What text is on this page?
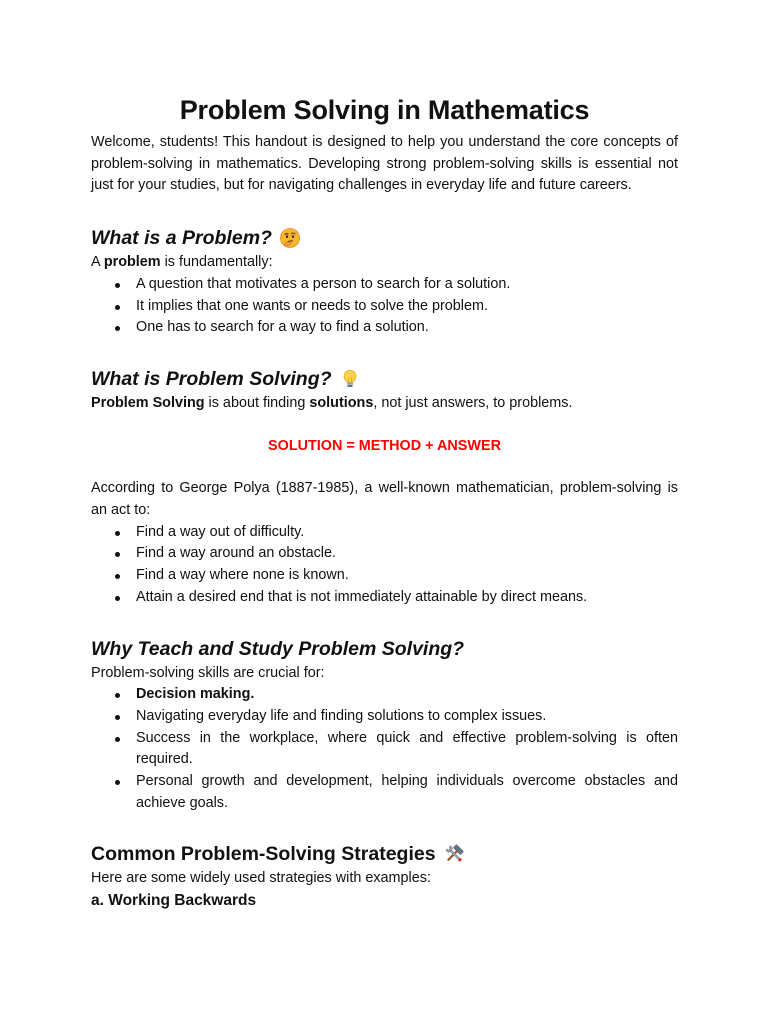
Problem Solving in Mathematics

Welcome, students! This handout is designed to help you understand the core concepts of problem-solving in mathematics. Developing strong problem-solving skills is essential not just for your studies, but for navigating challenges in everyday life and future careers.

What is a Problem?

A problem is fundamentally:

A question that motivates a person to search for a solution.
It implies that one wants or needs to solve the problem.
One has to search for a way to find a solution.
What is Problem Solving?

Problem Solving is about finding solutions, not just answers, to problems.

SOLUTION = METHOD + ANSWER

According to George Polya (1887-1985), a well-known mathematician, problem-solving is an act to:

Find a way out of difficulty.
Find a way around an obstacle.
Find a way where none is known.
Attain a desired end that is not immediately attainable by direct means.
Why Teach and Study Problem Solving?

Problem-solving skills are crucial for:

Decision making.
Navigating everyday life and finding solutions to complex issues.
Success in the workplace, where quick and effective problem-solving is often required.
Personal growth and development, helping individuals overcome obstacles and achieve goals.
Common Problem-Solving Strategies

Here are some widely used strategies with examples:

a. Working Backwards
